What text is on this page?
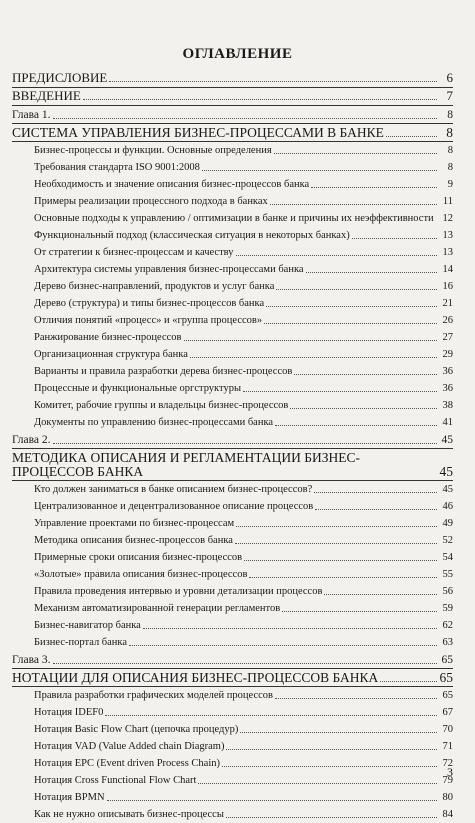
ОГЛАВЛЕНИЕ
ПРЕДИСЛОВИЕ	6
ВВЕДЕНИЕ	7
Глава 1.	8
СИСТЕМА УПРАВЛЕНИЯ БИЗНЕС-ПРОЦЕССАМИ В БАНКЕ	8
Бизнес-процессы и функции. Основные определения	8
Требования стандарта ISO 9001:2008	8
Необходимость и значение описания бизнес-процессов банка	9
Примеры реализации процессного подхода в банках	11
Основные подходы к управлению / оптимизации в банке и причины их неэффективности 12
Функциональный подход (классическая ситуация в некоторых банках)	13
От стратегии к бизнес-процессам и качеству	13
Архитектура системы управления бизнес-процессами банка	14
Дерево бизнес-направлений, продуктов и услуг банка	16
Дерево (структура) и типы бизнес-процессов банка	21
Отличия понятий «процесс» и «группа процессов»	26
Ранжирование бизнес-процессов	27
Организационная структура банка	29
Варианты и правила разработки дерева бизнес-процессов	36
Процессные и функциональные оргструктуры	36
Комитет, рабочие группы и владельцы бизнес-процессов	38
Документы по управлению бизнес-процессами банка	41
Глава 2.	45
МЕТОДИКА ОПИСАНИЯ И РЕГЛАМЕНТАЦИИ БИЗНЕС-ПРОЦЕССОВ БАНКА	45
Кто должен заниматься в банке описанием бизнес-процессов?	45
Централизованное и децентрализованное описание процессов	46
Управление проектами по бизнес-процессам	49
Методика описания бизнес-процессов банка	52
Примерные сроки описания бизнес-процессов	54
«Золотые» правила описания бизнес-процессов	55
Правила проведения интервью и уровни детализации процессов	56
Механизм автоматизированной генерации регламентов	59
Бизнес-навигатор банка	62
Бизнес-портал банка	63
Глава 3.	65
НОТАЦИИ ДЛЯ ОПИСАНИЯ БИЗНЕС-ПРОЦЕССОВ БАНКА	65
Правила разработки графических моделей процессов	65
Нотация IDEF0	67
Нотация Basic Flow Chart (цепочка процедур)	70
Нотация VAD (Value Added chain Diagram)	71
Нотация EPC (Event driven Process Chain)	72
Нотация Cross Functional Flow Chart	79
Нотация BPMN	80
Как не нужно описывать бизнес-процессы	84
3
